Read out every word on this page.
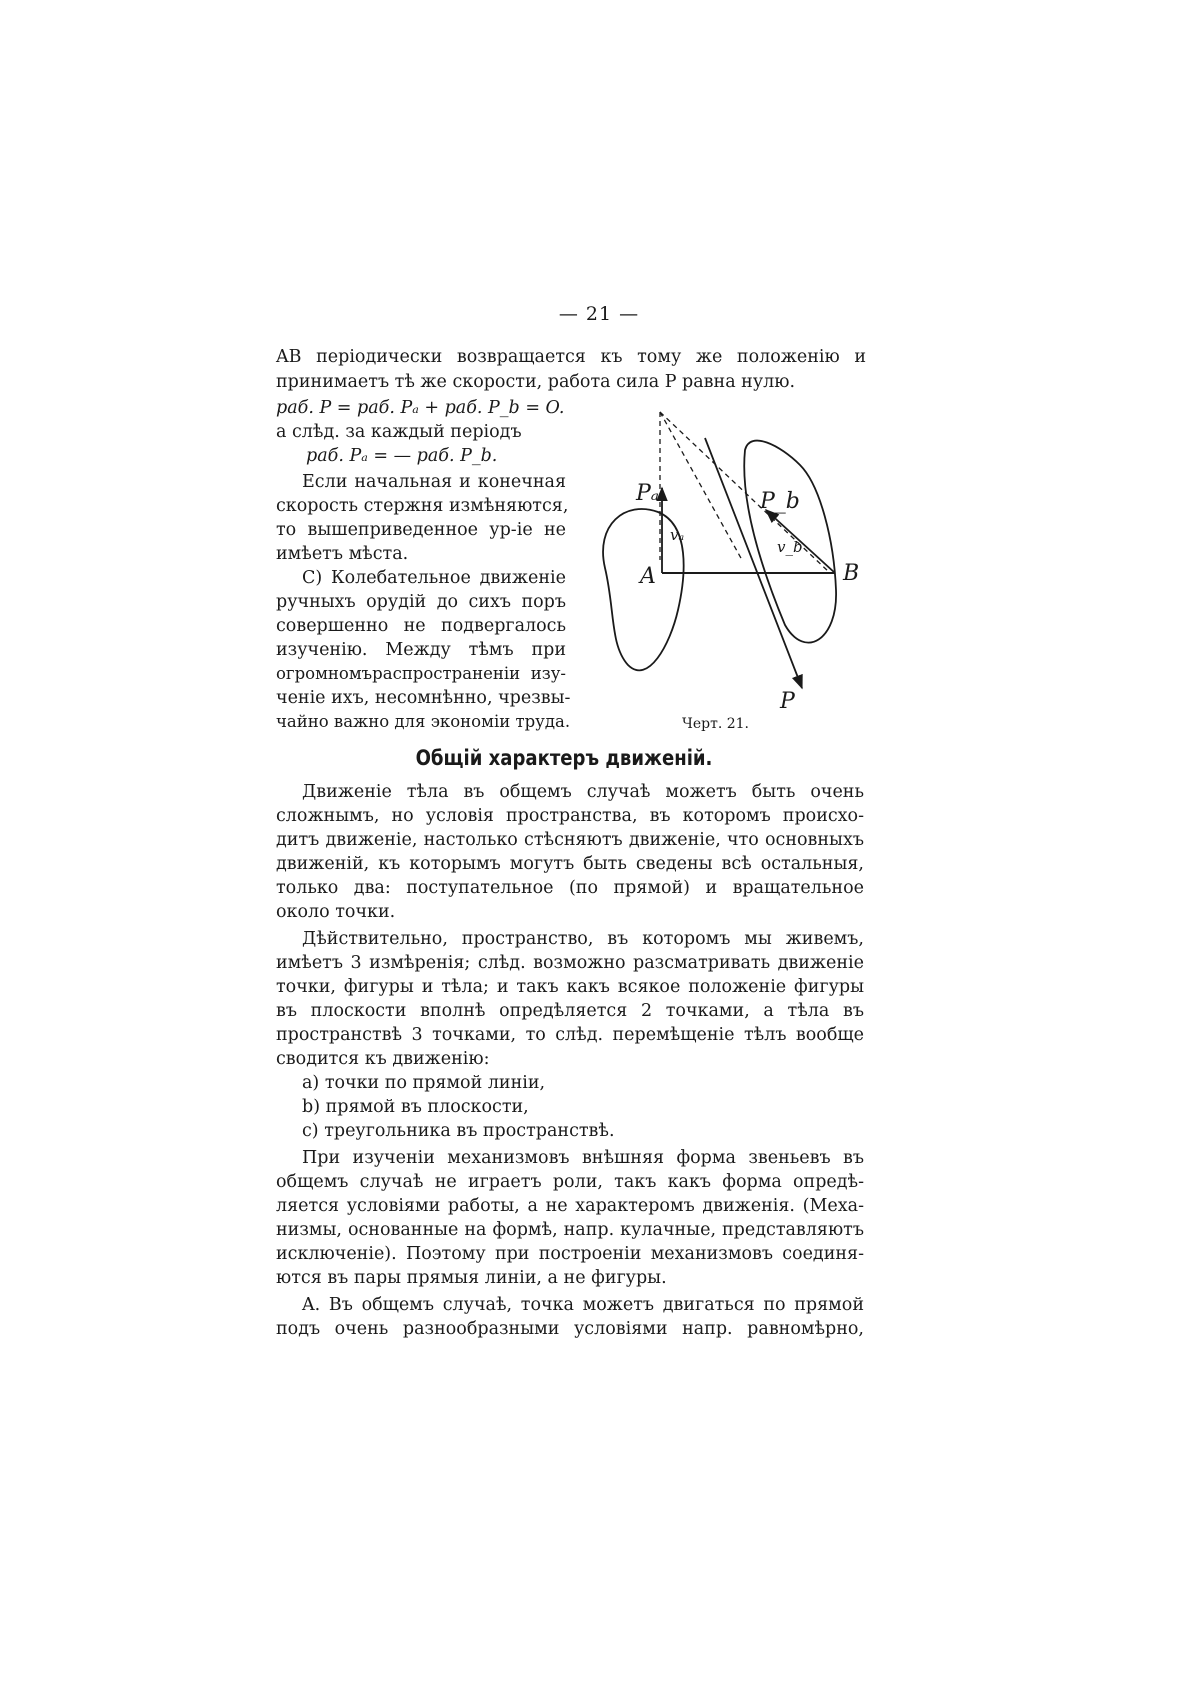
— 21 —
AB періодически возвращается къ тому же положенію и
принимаетъ тѣ же скорости, работа сила P равна нулю.
раб. P = раб. Pₐ + раб. P_b = O.
а слѣд. за каждый періодъ
раб. Pₐ = — раб. P_b.
Если начальная и конечная
скорость стержня измѣняются,
то вышеприведенное ур-іе не
имѣетъ мѣста.
C) Колебательное движеніе
ручныхъ орудій до сихъ поръ
совершенно не подвергалось
изученію. Между тѣмъ при
огромномъраспространеніи изу-
ченіе ихъ, несомнѣнно, чрезвы-
чайно важно для экономіи труда.
A	B
Pₐ	P_b
P
vₐ
v_b
Черт. 21.
Общій характеръ движеній.
Движеніе тѣла въ общемъ случаѣ можетъ быть очень
сложнымъ, но условія пространства, въ которомъ происхо-
дитъ движеніе, настолько стѣсняютъ движеніе, что основныхъ
движеній, къ которымъ могутъ быть сведены всѣ остальныя,
только два: поступательное (по прямой) и вращательное
около точки.
Дѣйствительно, пространство, въ которомъ мы живемъ,
имѣетъ 3 измѣренія; слѣд. возможно разсматривать движеніе
точки, фигуры и тѣла; и такъ какъ всякое положеніе фигуры
въ плоскости вполнѣ опредѣляется 2 точками, а тѣла въ
пространствѣ 3 точками, то слѣд. перемѣщеніе тѣлъ вообще
сводится къ движенію:
a) точки по прямой линіи,
b) прямой въ плоскости,
c) треугольника въ пространствѣ.
При изученіи механизмовъ внѣшняя форма звеньевъ въ
общемъ случаѣ не играетъ роли, такъ какъ форма опредѣ-
ляется условіями работы, а не характеромъ движенія. (Меха-
низмы, основанные на формѣ, напр. кулачные, представляютъ
исключеніе). Поэтому при построеніи механизмовъ соединя-
ются въ пары прямыя линіи, а не фигуры.
A. Въ общемъ случаѣ, точка можетъ двигаться по прямой
подъ очень разнообразными условіями напр. равномѣрно,
